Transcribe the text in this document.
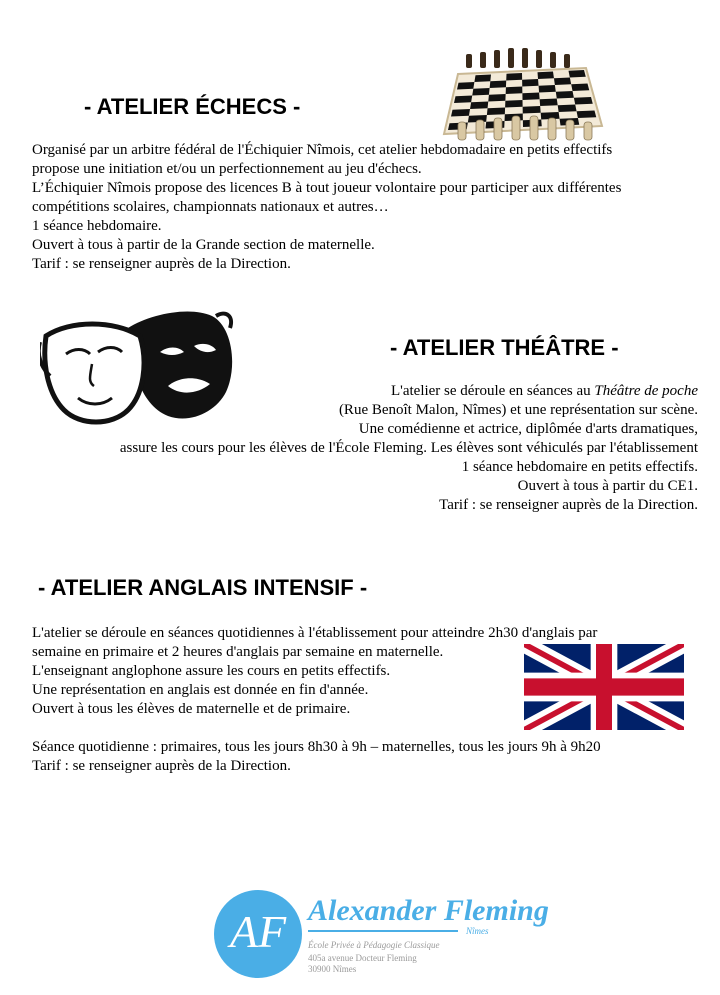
- ATELIER ÉCHECS -
Organisé par un arbitre fédéral de l'Échiquier Nîmois, cet atelier hebdomadaire en petits effectifs
propose une initiation et/ou un perfectionnement au jeu d'échecs.
L’Échiquier Nîmois propose des licences B à tout joueur volontaire pour participer aux différentes
compétitions scolaires, championnats nationaux et autres…
1 séance hebdomaire.
Ouvert à tous à partir de la Grande section de maternelle.
Tarif : se renseigner auprès de la Direction.
- ATELIER THÉÂTRE -
L'atelier se déroule en séances au Théâtre de poche
(Rue Benoît Malon, Nîmes) et une représentation sur scène.
Une comédienne et actrice, diplômée d'arts dramatiques,
assure les cours pour les élèves de l'École Fleming. Les élèves sont véhiculés par l'établissement
1 séance hebdomaire en petits effectifs.
Ouvert à tous à partir du CE1.
Tarif : se renseigner auprès de la Direction.
- ATELIER ANGLAIS INTENSIF -
L'atelier se déroule en séances quotidiennes à l'établissement pour atteindre 2h30 d'anglais par
semaine en primaire et 2 heures d'anglais par semaine en maternelle.
L'enseignant anglophone assure les cours en petits effectifs.
Une représentation en anglais est donnée en fin d'année.
Ouvert à tous les élèves de maternelle et de primaire.
Séance quotidienne : primaires, tous les jours 8h30 à 9h – maternelles, tous les jours 9h à 9h20
Tarif : se renseigner auprès de la Direction.
AF Alexander Fleming
Nîmes
École Privée à Pédagogie Classique
405a avenue Docteur Fleming
30900 Nîmes
